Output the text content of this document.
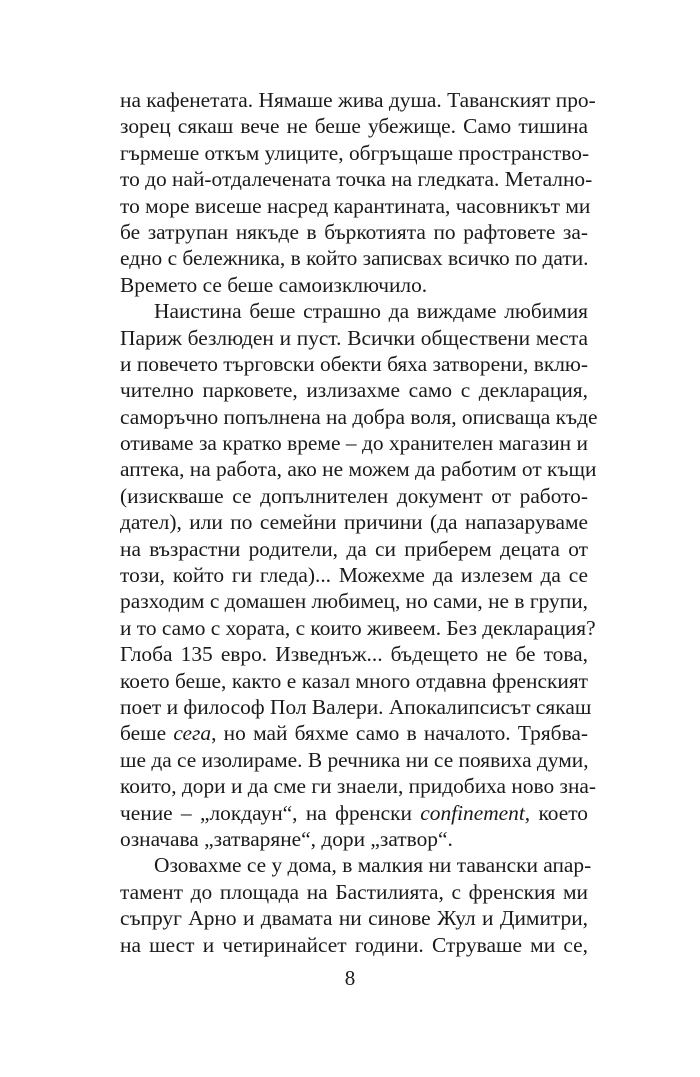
на кафенетата. Нямаше жива душа. Таванският про-
зорец сякаш вече не беше убежище. Само тишина
гърмеше откъм улиците, обгръщаше пространство-
то до най-отдалечената точка на гледката. Метално-
то море висеше насред карантината, часовникът ми
бе затрупан някъде в бъркотията по рафтовете за-
едно с бележника, в който записвах всичко по дати.
Времето се беше самоизключило.
Наистина беше страшно да виждаме любимия
Париж безлюден и пуст. Всички обществени места
и повечето търговски обекти бяха затворени, вклю-
чително парковете, излизахме само с декларация,
саморъчно попълнена на добра воля, описваща къде
отиваме за кратко време – до хранителен магазин и
аптека, на работа, ако не можем да работим от къщи
(изискваше се допълнителен документ от работо-
дател), или по семейни причини (да напазаруваме
на възрастни родители, да си приберем децата от
този, който ги гледа)... Можехме да излезем да се
разходим с домашен любимец, но сами, не в групи,
и то само с хората, с които живеем. Без декларация?
Глоба 135 евро. Изведнъж... бъдещето не бе това,
което беше, както е казал много отдавна френският
поет и философ Пол Валери. Апокалипсисът сякаш
беше сега, но май бяхме само в началото. Трябва-
ше да се изолираме. В речника ни се появиха думи,
които, дори и да сме ги знаели, придобиха ново зна-
чение – „локдаун“, на френски confinement, което
означава „затваряне“, дори „затвор“.
Озовахме се у дома, в малкия ни тавански апар-
тамент до площада на Бастилията, с френския ми
съпруг Арно и двамата ни синове Жул и Димитри,
на шест и четиринайсет години. Струваше ми се,
8
